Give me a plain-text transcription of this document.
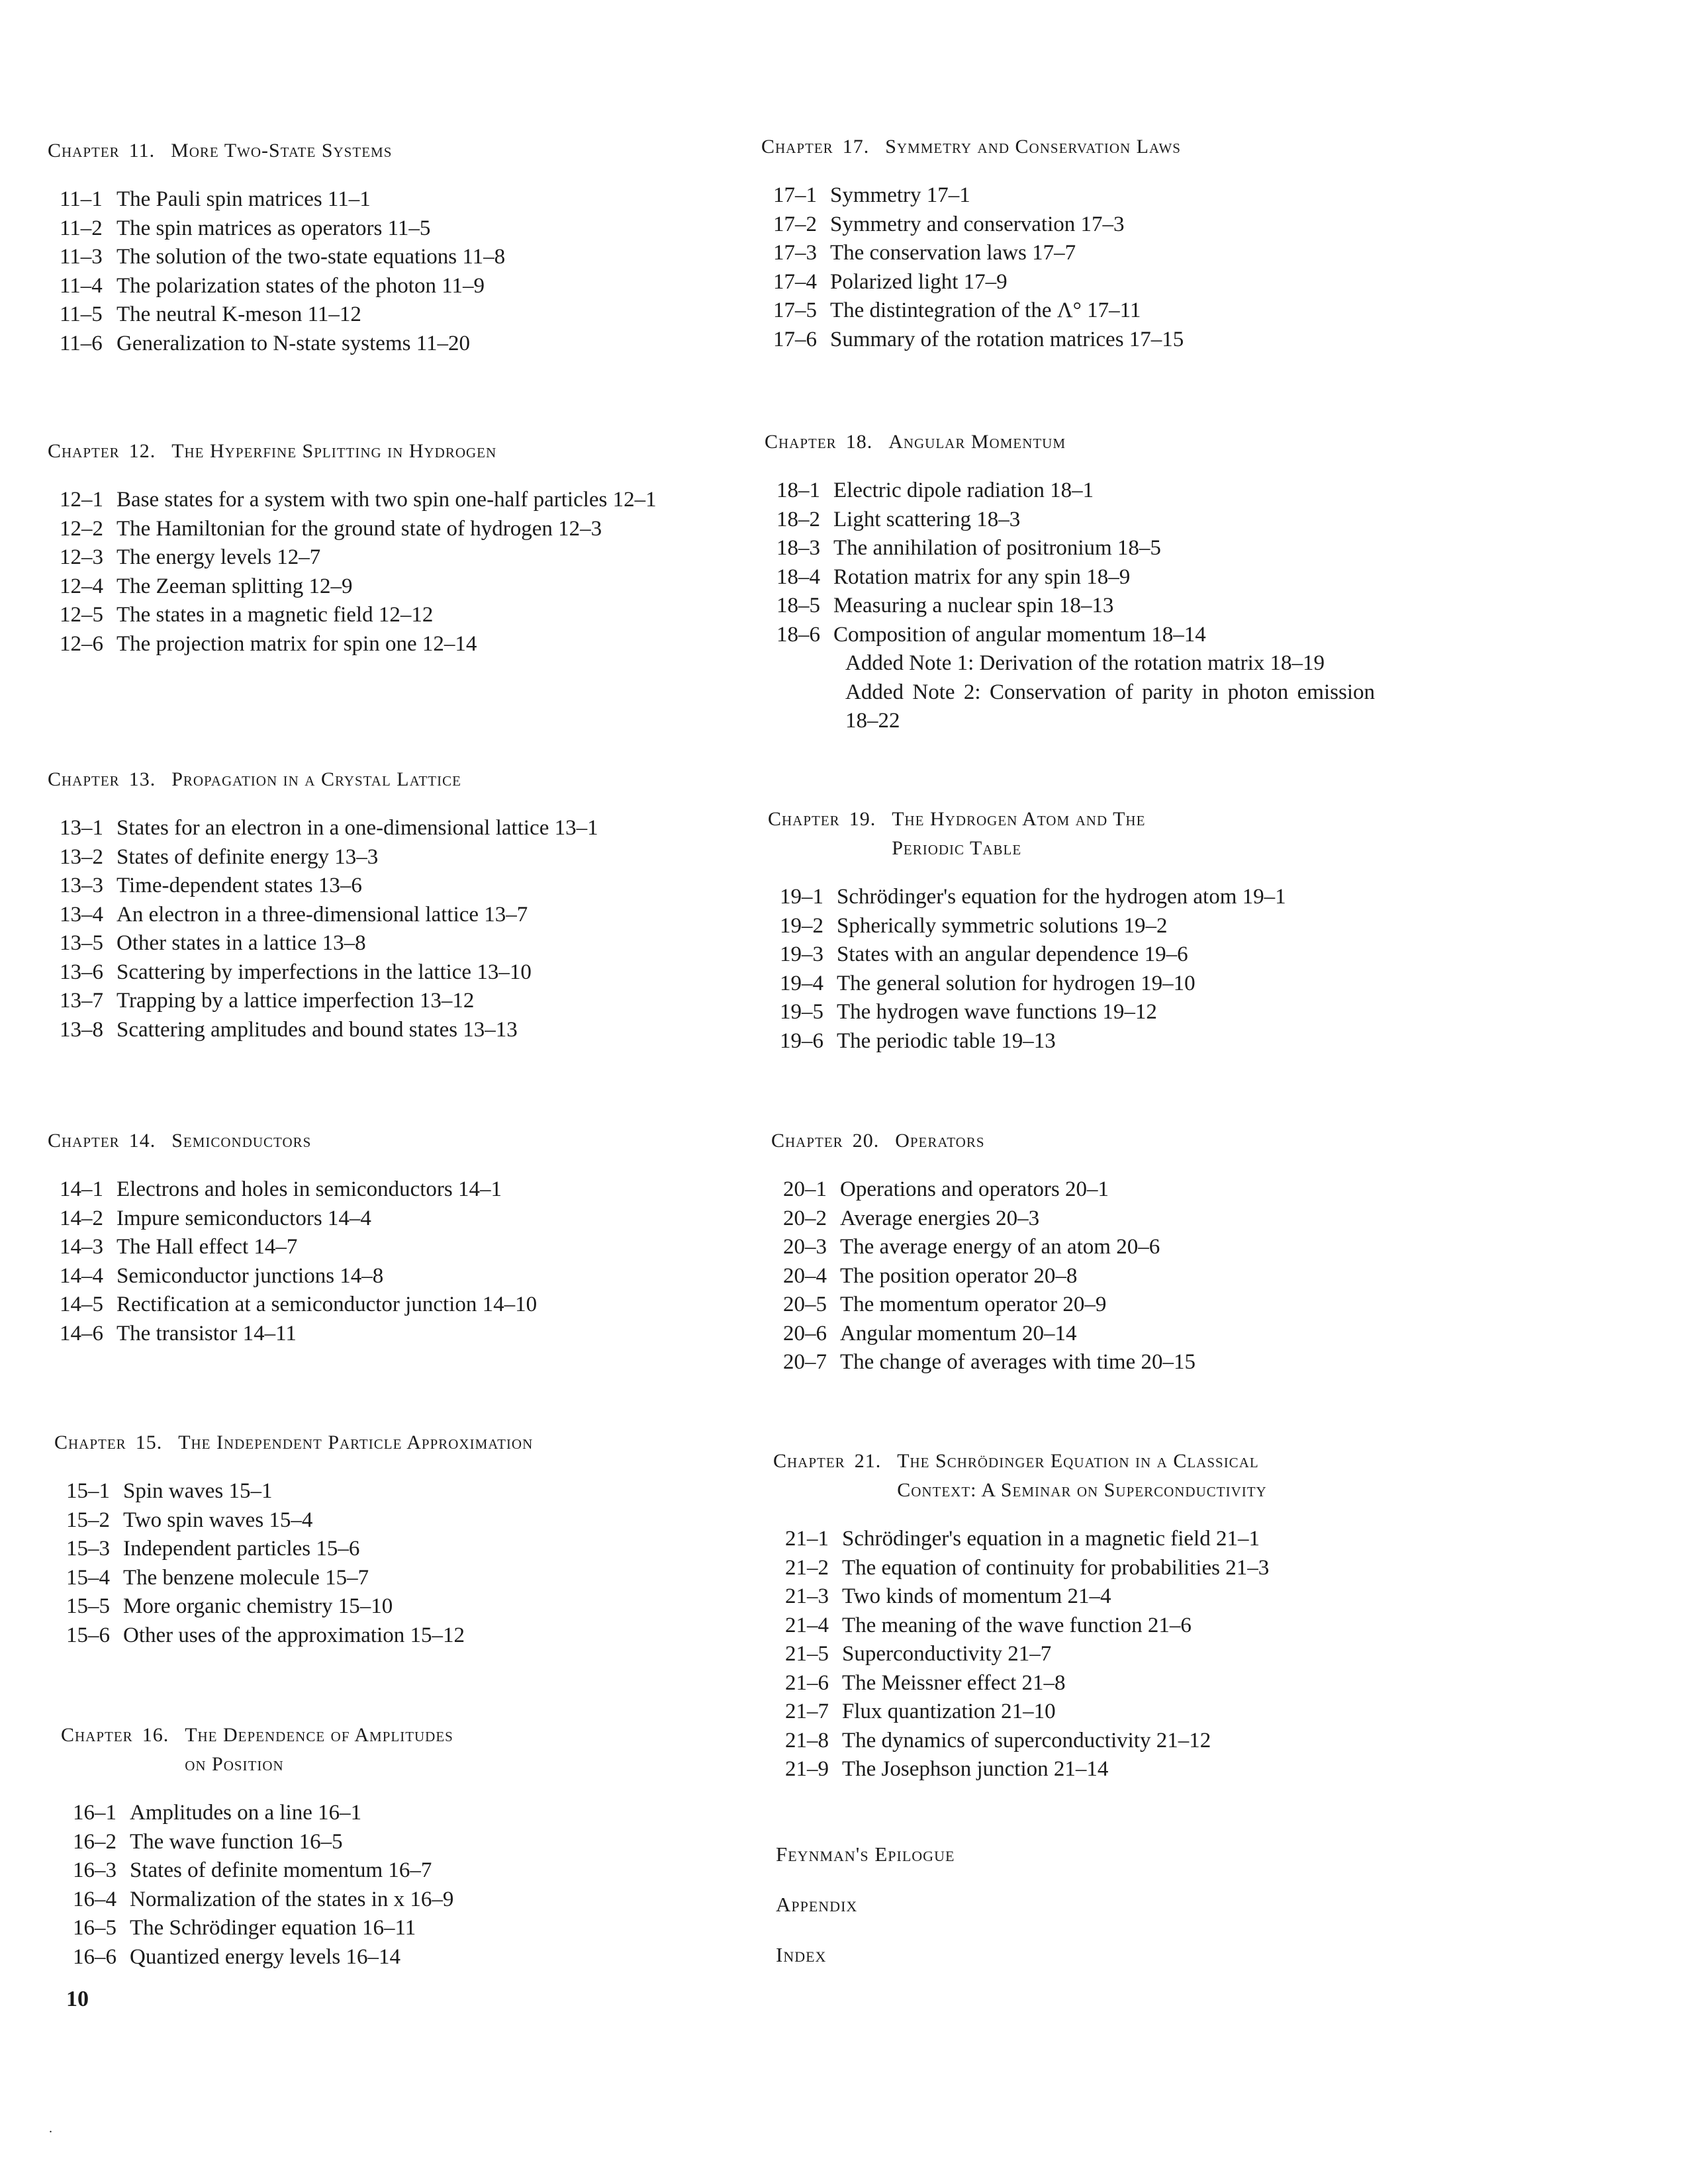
Chapter 11. More Two-State Systems
11–1 The Pauli spin matrices 11–1
11–2 The spin matrices as operators 11–5
11–3 The solution of the two-state equations 11–8
11–4 The polarization states of the photon 11–9
11–5 The neutral K-meson 11–12
11–6 Generalization to N-state systems 11–20
Chapter 12. The Hyperfine Splitting in Hydrogen
12–1 Base states for a system with two spin one-half particles 12–1
12–2 The Hamiltonian for the ground state of hydrogen 12–3
12–3 The energy levels 12–7
12–4 The Zeeman splitting 12–9
12–5 The states in a magnetic field 12–12
12–6 The projection matrix for spin one 12–14
Chapter 13. Propagation in a Crystal Lattice
13–1 States for an electron in a one-dimensional lattice 13–1
13–2 States of definite energy 13–3
13–3 Time-dependent states 13–6
13–4 An electron in a three-dimensional lattice 13–7
13–5 Other states in a lattice 13–8
13–6 Scattering by imperfections in the lattice 13–10
13–7 Trapping by a lattice imperfection 13–12
13–8 Scattering amplitudes and bound states 13–13
Chapter 14. Semiconductors
14–1 Electrons and holes in semiconductors 14–1
14–2 Impure semiconductors 14–4
14–3 The Hall effect 14–7
14–4 Semiconductor junctions 14–8
14–5 Rectification at a semiconductor junction 14–10
14–6 The transistor 14–11
Chapter 15. The Independent Particle Approximation
15–1 Spin waves 15–1
15–2 Two spin waves 15–4
15–3 Independent particles 15–6
15–4 The benzene molecule 15–7
15–5 More organic chemistry 15–10
15–6 Other uses of the approximation 15–12
Chapter 16. The Dependence of Amplitudes
on Position
16–1 Amplitudes on a line 16–1
16–2 The wave function 16–5
16–3 States of definite momentum 16–7
16–4 Normalization of the states in x 16–9
16–5 The Schrödinger equation 16–11
16–6 Quantized energy levels 16–14
Chapter 17. Symmetry and Conservation Laws
17–1 Symmetry 17–1
17–2 Symmetry and conservation 17–3
17–3 The conservation laws 17–7
17–4 Polarized light 17–9
17–5 The distintegration of the Λ° 17–11
17–6 Summary of the rotation matrices 17–15
Chapter 18. Angular Momentum
18–1 Electric dipole radiation 18–1
18–2 Light scattering 18–3
18–3 The annihilation of positronium 18–5
18–4 Rotation matrix for any spin 18–9
18–5 Measuring a nuclear spin 18–13
18–6 Composition of angular momentum 18–14
Added Note 1: Derivation of the rotation matrix 18–19
Added Note 2: Conservation of parity in photon emission 18–22
Chapter 19. The Hydrogen Atom and The
Periodic Table
19–1 Schrödinger's equation for the hydrogen atom 19–1
19–2 Spherically symmetric solutions 19–2
19–3 States with an angular dependence 19–6
19–4 The general solution for hydrogen 19–10
19–5 The hydrogen wave functions 19–12
19–6 The periodic table 19–13
Chapter 20. Operators
20–1 Operations and operators 20–1
20–2 Average energies 20–3
20–3 The average energy of an atom 20–6
20–4 The position operator 20–8
20–5 The momentum operator 20–9
20–6 Angular momentum 20–14
20–7 The change of averages with time 20–15
Chapter 21. The Schrödinger Equation in a Classical
Context: A Seminar on Superconductivity
21–1 Schrödinger's equation in a magnetic field 21–1
21–2 The equation of continuity for probabilities 21–3
21–3 Two kinds of momentum 21–4
21–4 The meaning of the wave function 21–6
21–5 Superconductivity 21–7
21–6 The Meissner effect 21–8
21–7 Flux quantization 21–10
21–8 The dynamics of superconductivity 21–12
21–9 The Josephson junction 21–14
Feynman's Epilogue
Appendix
Index
10
.
